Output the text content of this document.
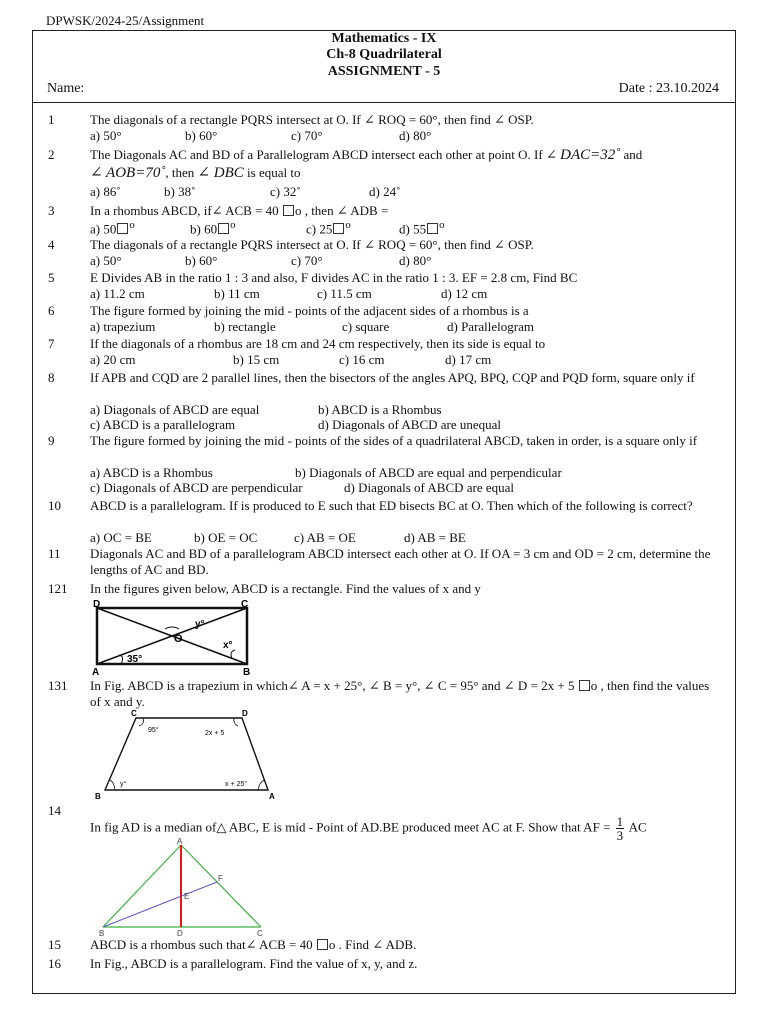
DPWSK/2024-25/Assignment
Mathematics - IX
Ch-8 Quadrilateral
ASSIGNMENT - 5
Name:	Date : 23.10.2024
1	The diagonals of a rectangle PQRS intersect at O. If ∠ ROQ = 60°, then find ∠ OSP.
a) 50°	b) 60°	c) 70°	d) 80°
2	The Diagonals AC and BD of a Parallelogram ABCD intersect each other at point O. If ∠ DAC=32˚ and
∠ AOB=70˚, then ∠ DBC is equal to
a) 86˚	b) 38˚	c) 32˚	d) 24˚
3	In a rhombus ABCD, if∠ ACB = 40 o , then ∠ ADB =
a) 50 $^o$	b) 60 $^o$	c) 25 $^o$	d) 55 $^o$
4	The diagonals of a rectangle PQRS intersect at O. If ∠ ROQ = 60°, then find ∠ OSP.
a) 50°	b) 60°	c) 70°	d) 80°
5	E Divides AB in the ratio 1 : 3 and also, F divides AC in the ratio 1 : 3. EF = 2.8 cm, Find BC
a) 11.2 cm	b) 11 cm	c) 11.5 cm	d) 12 cm
6	The figure formed by joining the mid - points of the adjacent sides of a rhombus is a
a) trapezium	b) rectangle	c) square	d) Parallelogram
7	If the diagonals of a rhombus are 18 cm and 24 cm respectively, then its side is equal to
a) 20 cm	b) 15 cm	c) 16 cm	d) 17 cm
8	If APB and CQD are 2 parallel lines, then the bisectors of the angles APQ, BPQ, CQP and PQD form, square only if
a) Diagonals of ABCD are equal	b) ABCD is a Rhombus
c) ABCD is a parallelogram	d) Diagonals of ABCD are unequal
9	The figure formed by joining the mid - points of the sides of a quadrilateral ABCD, taken in order, is a square only if
a) ABCD is a Rhombus	b) Diagonals of ABCD are equal and perpendicular
c) Diagonals of ABCD are perpendicular	d) Diagonals of ABCD are equal
10	ABCD is a parallelogram. If is produced to E such that ED bisects BC at O. Then which of the following is correct?
a) OC = BE	b) OE = OC	c) AB = OE	d) AB = BE
11	Diagonals AC and BD of a parallelogram ABCD intersect each other at O. If OA = 3 cm and OD = 2 cm, determine the lengths of AC and BD.
121	In the figures given below, ABCD is a rectangle. Find the values of x and y
D	C
A	B
O
y°
x°
35°
131	In Fig. ABCD is a trapezium in which∠ A = x + 25°, ∠ B = y°, ∠ C = 95° and ∠ D = 2x + 5 o , then find the values of x and y.
C	D
B	A
95°	2x + 5
y°	x + 25°
14
In fig AD is a median of△ ABC, E is mid - Point of AD.BE produced meet AC at F. Show that AF = $\frac{1}{3}$ AC
A
B	C
D
E
F
15	ABCD is a rhombus such that∠ ACB = 40 o . Find ∠ ADB.
16	In Fig., ABCD is a parallelogram. Find the value of x, y, and z.
